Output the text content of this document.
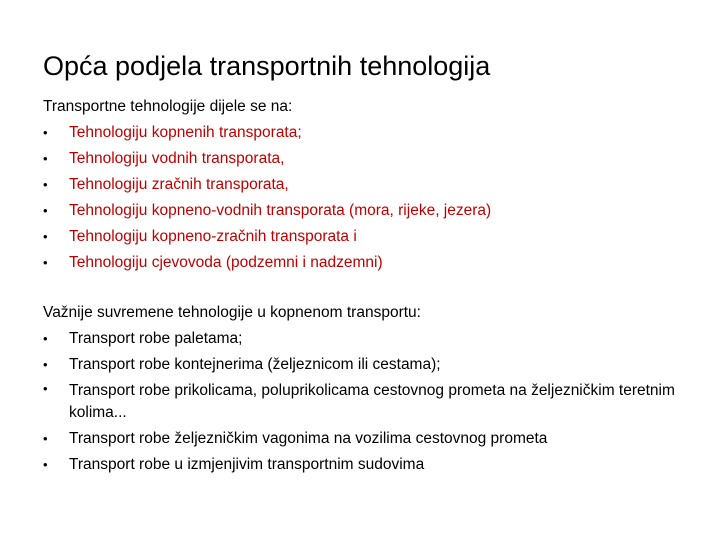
Opća podjela transportnih tehnologija
Transportne tehnologije dijele se na:
• Tehnologiju kopnenih transporata;
• Tehnologiju vodnih transporata,
• Tehnologiju zračnih transporata,
• Tehnologiju kopneno-vodnih transporata (mora, rijeke, jezera)
• Tehnologiju kopneno-zračnih transporata i
• Tehnologiju cjevovoda (podzemni i nadzemni)
Važnije suvremene tehnologije u kopnenom transportu:
• Transport robe paletama;
• Transport robe kontejnerima (željeznicom ili cestama);
• Transport robe prikolicama, poluprikolicama cestovnog prometa na željezničkim teretnim kolima...
• Transport robe željezničkim vagonima na vozilima cestovnog prometa
• Transport robe u izmjenjivim transportnim sudovima
